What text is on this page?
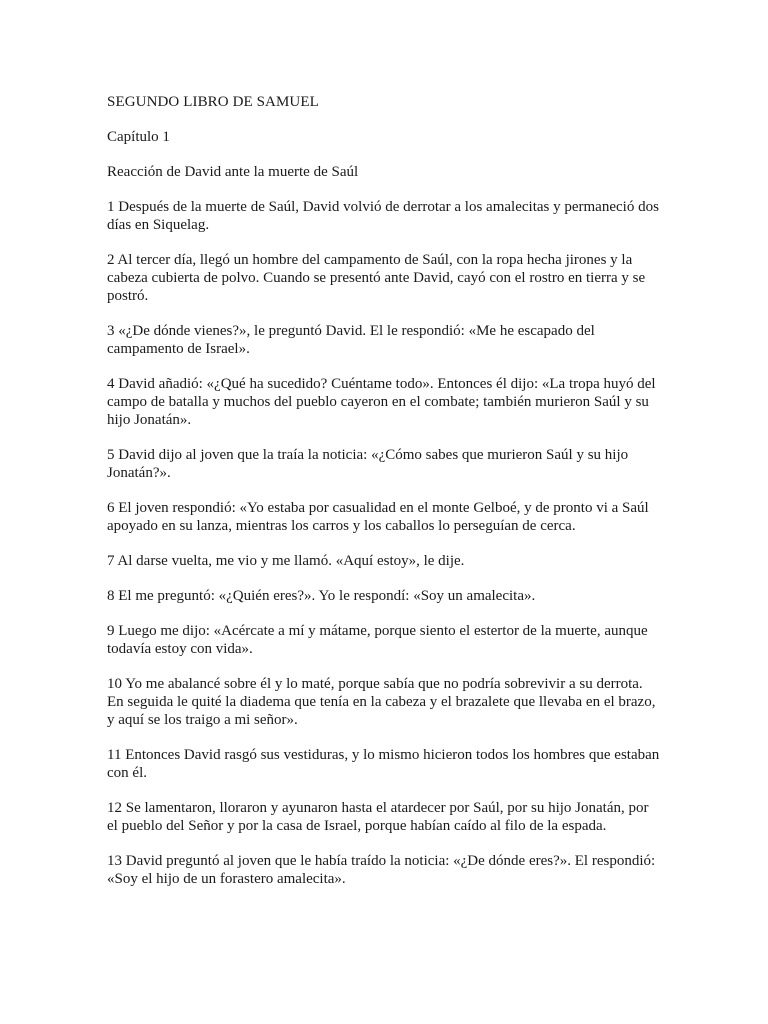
SEGUNDO LIBRO DE SAMUEL

Capítulo 1

Reacción de David ante la muerte de Saúl

1 Después de la muerte de Saúl, David volvió de derrotar a los amalecitas y permaneció dos días en Siquelag.

2 Al tercer día, llegó un hombre del campamento de Saúl, con la ropa hecha jirones y la cabeza cubierta de polvo. Cuando se presentó ante David, cayó con el rostro en tierra y se postró.

3 «¿De dónde vienes?», le preguntó David. El le respondió: «Me he escapado del campamento de Israel».

4 David añadió: «¿Qué ha sucedido? Cuéntame todo». Entonces él dijo: «La tropa huyó del campo de batalla y muchos del pueblo cayeron en el combate; también murieron Saúl y su hijo Jonatán».

5 David dijo al joven que la traía la noticia: «¿Cómo sabes que murieron Saúl y su hijo Jonatán?».

6 El joven respondió: «Yo estaba por casualidad en el monte Gelboé, y de pronto vi a Saúl apoyado en su lanza, mientras los carros y los caballos lo perseguían de cerca.

7 Al darse vuelta, me vio y me llamó. «Aquí estoy», le dije.

8 El me preguntó: «¿Quién eres?». Yo le respondí: «Soy un amalecita».

9 Luego me dijo: «Acércate a mí y mátame, porque siento el estertor de la muerte, aunque todavía estoy con vida».

10 Yo me abalancé sobre él y lo maté, porque sabía que no podría sobrevivir a su derrota. En seguida le quité la diadema que tenía en la cabeza y el brazalete que llevaba en el brazo, y aquí se los traigo a mi señor».

11 Entonces David rasgó sus vestiduras, y lo mismo hicieron todos los hombres que estaban con él.

12 Se lamentaron, lloraron y ayunaron hasta el atardecer por Saúl, por su hijo Jonatán, por el pueblo del Señor y por la casa de Israel, porque habían caído al filo de la espada.

13 David preguntó al joven que le había traído la noticia: «¿De dónde eres?». El respondió: «Soy el hijo de un forastero amalecita».
